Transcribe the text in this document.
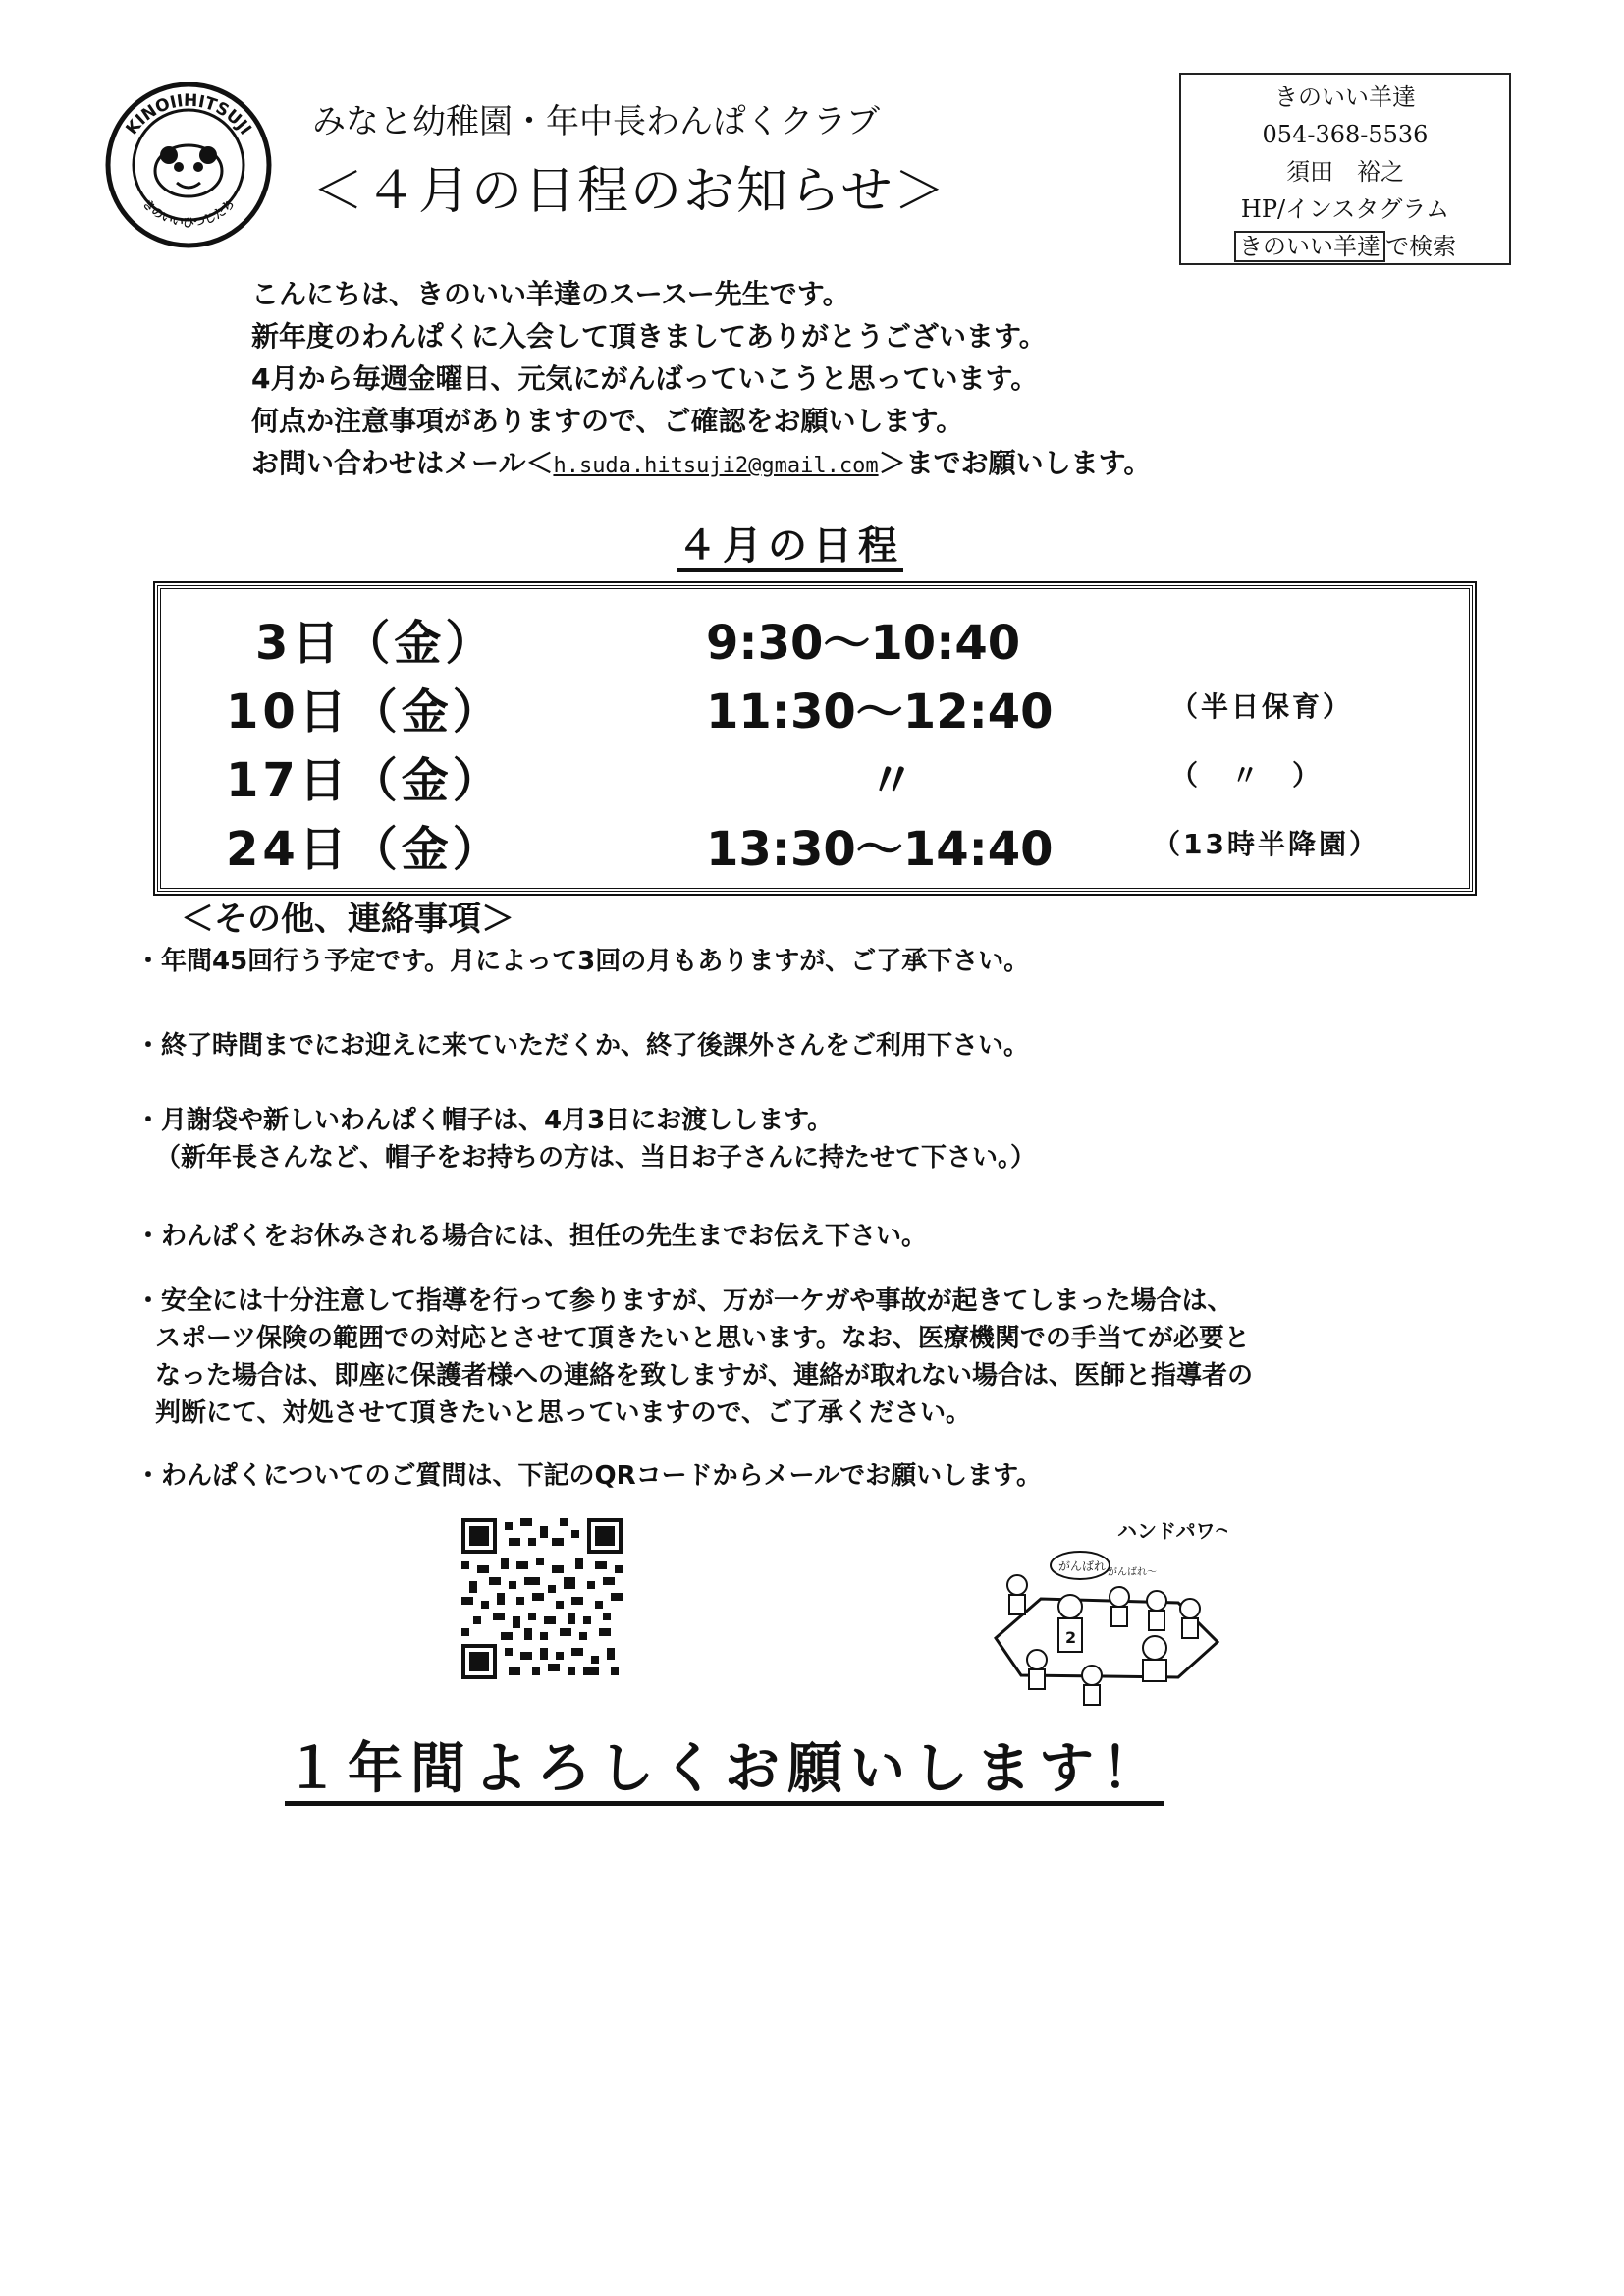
KINOIIHITSUJI
きのいいひつじたち
みなと幼稚園・年中長わんぱくクラブ
＜４月の日程のお知らせ＞
きのいい羊達
054-368-5536
須田　裕之
HP/インスタグラム
きのいい羊達 で検索
こんにちは、きのいい羊達のスースー先生です。
新年度のわんぱくに入会して頂きましてありがとうございます。
4月から毎週金曜日、元気にがんばっていこうと思っています。
何点か注意事項がありますので、ご確認をお願いします。
お問い合わせはメール＜h.suda.hitsuji2@gmail.com＞までお願いします。
４月の日程
3日（金）	9:30〜10:40
10日（金）	11:30〜12:40	（半日保育）
17日（金）	〃	（　〃　）
24日（金）	13:30〜14:40	（13時半降園）
＜その他、連絡事項＞
・年間45回行う予定です。月によって3回の月もありますが、ご了承下さい。
・終了時間までにお迎えに来ていただくか、終了後課外さんをご利用下さい。
・月謝袋や新しいわんぱく帽子は、4月3日にお渡しします。
（新年長さんなど、帽子をお持ちの方は、当日お子さんに持たせて下さい。）
・わんぱくをお休みされる場合には、担任の先生までお伝え下さい。
・安全には十分注意して指導を行って参りますが、万が一ケガや事故が起きてしまった場合は、
スポーツ保険の範囲での対応とさせて頂きたいと思います。なお、医療機関での手当てが必要と
なった場合は、即座に保護者様への連絡を致しますが、連絡が取れない場合は、医師と指導者の
判断にて、対処させて頂きたいと思っていますので、ご了承ください。
・わんぱくについてのご質問は、下記のQRコードからメールでお願いします。
ハンドパワ〜
がんばれ がんばれ〜
2
１年間よろしくお願いします！
